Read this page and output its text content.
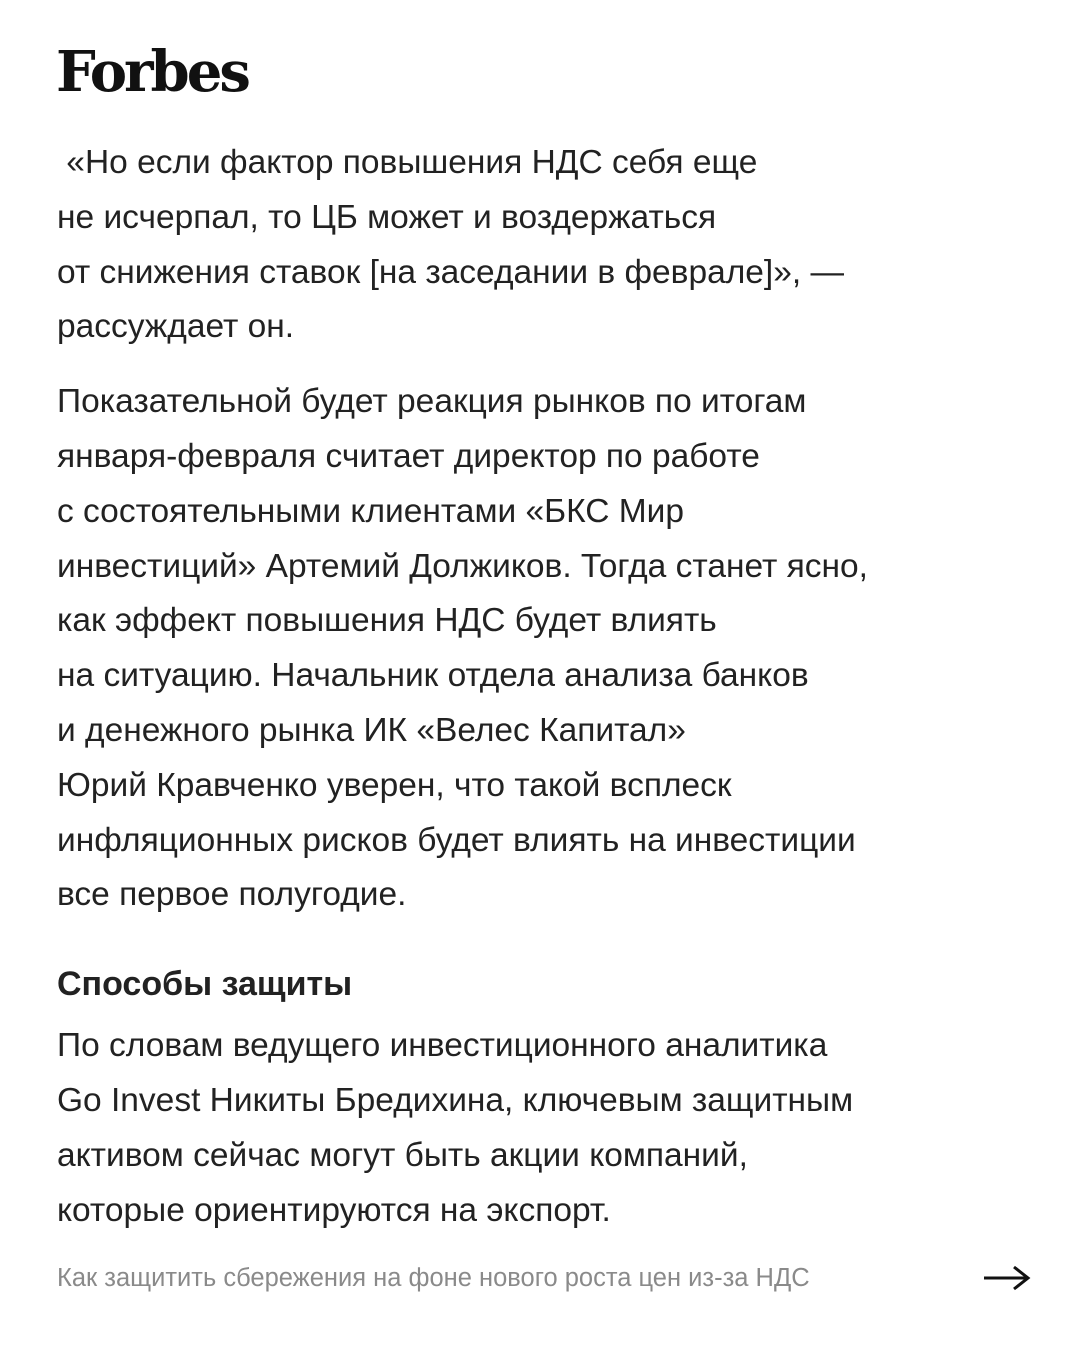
Forbes

«Но если фактор повышения НДС себя еще
не исчерпал, то ЦБ может и воздержаться
от снижения ставок [на заседании в феврале]», —
рассуждает он.

Показательной будет реакция рынков по итогам
января-февраля считает директор по работе
с состоятельными клиентами «БКС Мир
инвестиций» Артемий Должиков. Тогда станет ясно,
как эффект повышения НДС будет влиять
на ситуацию. Начальник отдела анализа банков
и денежного рынка ИК «Велес Капитал»
Юрий Кравченко уверен, что такой всплеск
инфляционных рисков будет влиять на инвестиции
все первое полугодие.

Способы защиты

По словам ведущего инвестиционного аналитика
Go Invest Никиты Бредихина, ключевым защитным
активом сейчас могут быть акции компаний,
которые ориентируются на экспорт.

Как защитить сбережения на фоне нового роста цен из-за НДС
